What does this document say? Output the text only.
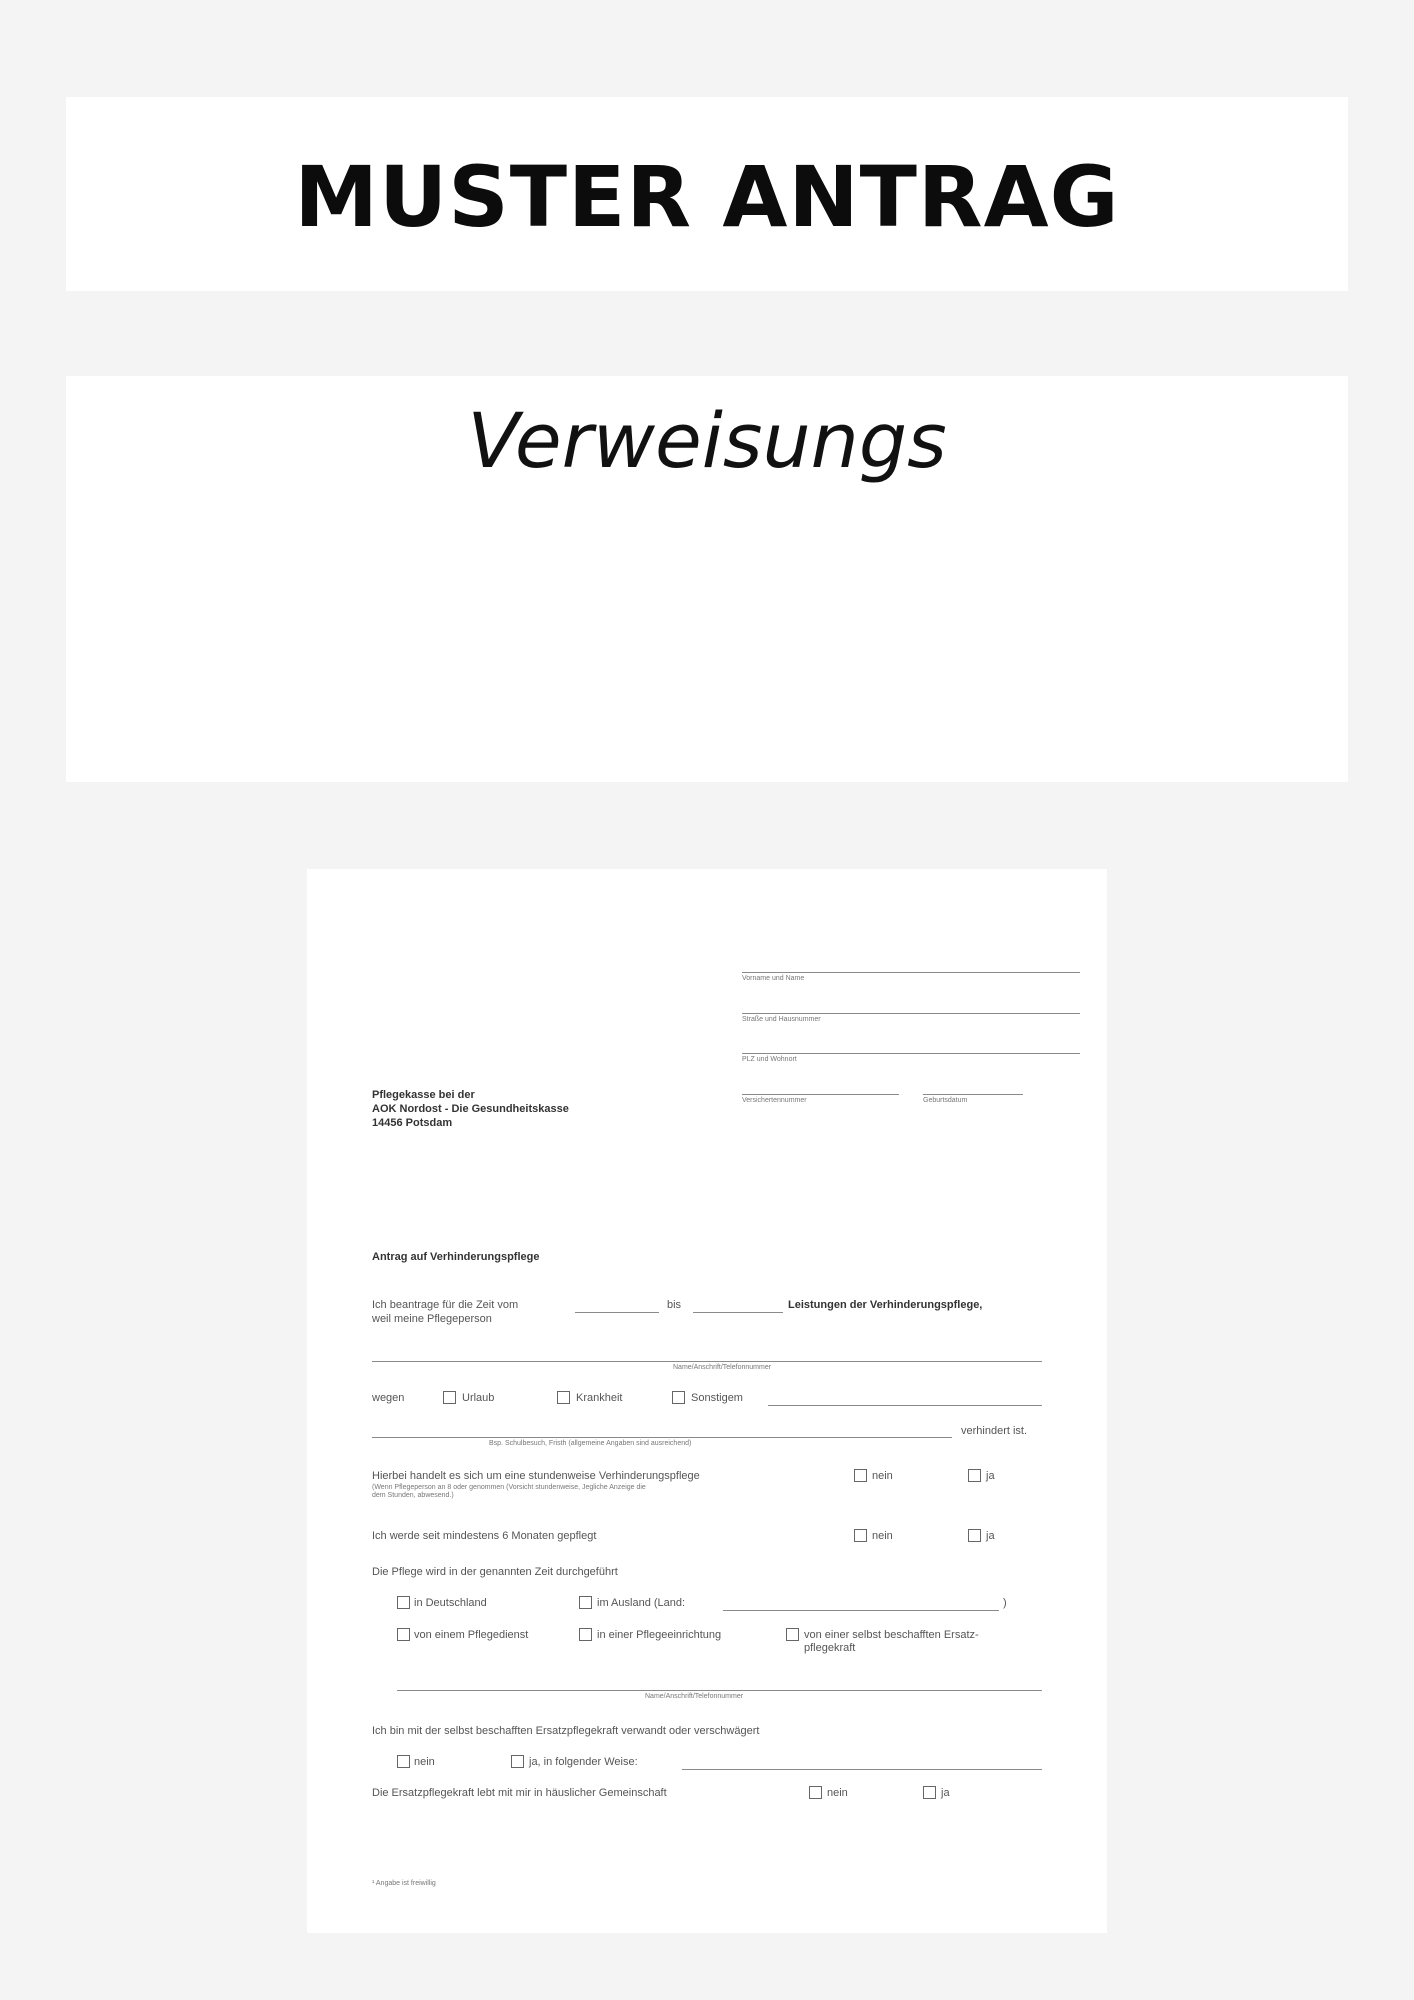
MUSTER ANTRAG
Verweisungs
Vorname und Name
Straße und Hausnummer
PLZ und Wohnort
Versichertennummer	Geburtsdatum
Pflegekasse bei der
AOK Nordost - Die Gesundheitskasse
14456 Potsdam
Antrag auf Verhinderungspflege
Ich beantrage für die Zeit vom	bis	Leistungen der Verhinderungspflege,
weil meine Pflegeperson
Name/Anschrift/Telefonnummer
wegen	Urlaub	Krankheit	Sonstigem
verhindert ist.
Bsp. Schulbesuch, Fristh (allgemeine Angaben sind ausreichend)
Hierbei handelt es sich um eine stundenweise Verhinderungspflege
(Wenn Pflegeperson an 8 oder genommen (Vorsicht stundenweise, Jegliche Anzeige die
dem Stunden, abwesend.)
nein	ja
Ich werde seit mindestens 6 Monaten gepflegt	nein	ja
Die Pflege wird in der genannten Zeit durchgeführt
in Deutschland	im Ausland (Land:	)
von einem Pflegedienst	in einer Pflegeeinrichtung	von einer selbst beschafften Ersatz-
pflegekraft
Name/Anschrift/Telefonnummer
Ich bin mit der selbst beschafften Ersatzpflegekraft verwandt oder verschwägert
nein	ja, in folgender Weise:
Die Ersatzpflegekraft lebt mit mir in häuslicher Gemeinschaft	nein	ja
¹ Angabe ist freiwillig
